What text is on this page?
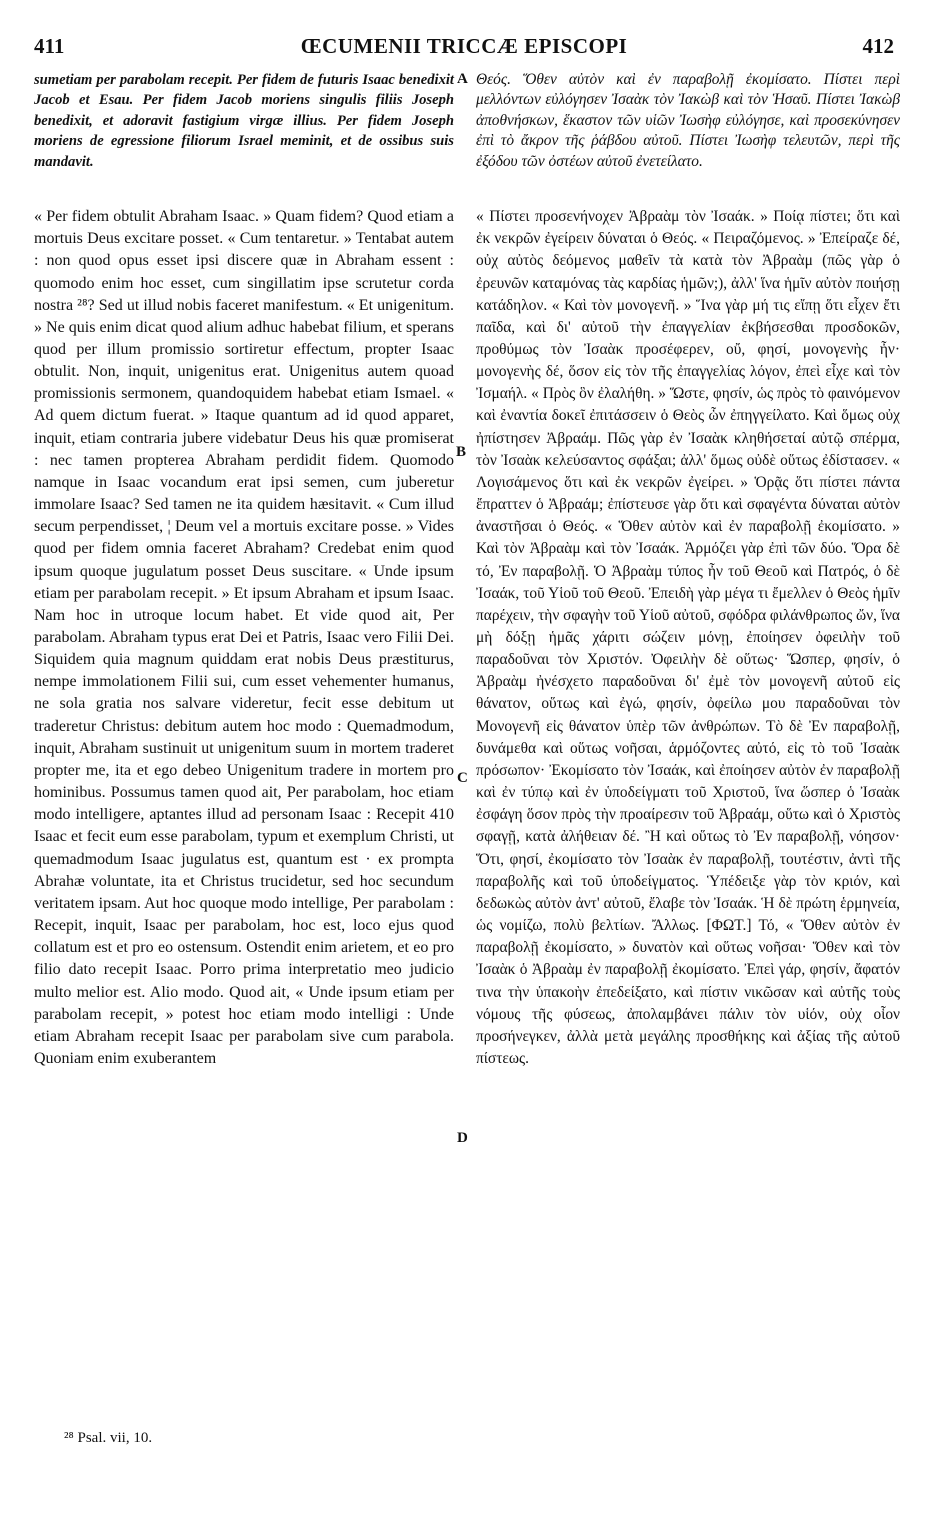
411	ŒCUMENII TRICCÆ EPISCOPI	412

sumetiam per parabolam recepit. Per fidem de futuris Isaac benedixit Jacob et Esau. Per fidem Jacob moriens singulis filiis Joseph benedixit, et adoravit fastigium virgæ illius. Per fidem Joseph moriens de egressione filiorum Israel meminit, et de ossibus suis mandavit.

« Per fidem obtulit Abraham Isaac. » Quam fidem? Quod etiam a mortuis Deus excitare posset. « Cum tentaretur. » Tentabat autem : non quod opus esset ipsi discere quæ in Abraham essent : quomodo enim hoc esset, cum singillatim ipse scrutetur corda nostra ²⁸? Sed ut illud nobis faceret manifestum. « Et unigenitum. » Ne quis enim dicat quod alium adhuc habebat filium, et sperans quod per illum promissio sortiretur effectum, propter Isaac obtulit. Non, inquit, unigenitus erat. Unigenitus autem quoad promissionis sermonem, quandoquidem habebat etiam Ismael. « Ad quem dictum fuerat. » Itaque quantum ad id quod apparet, inquit, etiam contraria jubere videbatur Deus his quæ promiserat : nec tamen propterea Abraham perdidit fidem. Quomodo namque in Isaac vocandum erat ipsi semen, cum juberetur immolare Isaac? Sed tamen ne ita quidem hæsitavit. « Cum illud secum perpendisset, ¦ Deum vel a mortuis excitare posse. » Vides quod per fidem omnia faceret Abraham? Credebat enim quod ipsum quoque jugulatum posset Deus suscitare. « Unde ipsum etiam per parabolam recepit. » Et ipsum Abraham et ipsum Isaac. Nam hoc in utroque locum habet. Et vide quod ait, Per parabolam. Abraham typus erat Dei et Patris, Isaac vero Filii Dei. Siquidem quia magnum quiddam erat nobis Deus præstiturus, nempe immolationem Filii sui, cum esset vehementer humanus, ne sola gratia nos salvare videretur, fecit esse debitum ut traderetur Christus: debitum autem hoc modo : Quemadmodum, inquit, Abraham sustinuit ut unigenitum suum in mortem traderet propter me, ita et ego debeo Unigenitum tradere in mortem pro hominibus. Possumus tamen quod ait, Per parabolam, hoc etiam modo intelligere, aptantes illud ad personam Isaac : Recepit 410 Isaac et fecit eum esse parabolam, typum et exemplum Christi, ut quemadmodum Isaac jugulatus est, quantum est · ex prompta Abrahæ voluntate, ita et Christus trucidetur, sed hoc secundum veritatem ipsam. Aut hoc quoque modo intellige, Per parabolam : Recepit, inquit, Isaac per parabolam, hoc est, loco ejus quod collatum est et pro eo ostensum. Ostendit enim arietem, et eo pro filio dato recepit Isaac. Porro prima interpretatio meo judicio multo melior est. Alio modo. Quod ait, « Unde ipsum etiam per parabolam recepit, » potest hoc etiam modo intelligi : Unde etiam Abraham recepit Isaac per parabolam sive cum parabola. Quoniam enim exuberantem

Θεός. Ὅθεν αὐτὸν καὶ ἐν παραβολῇ ἐκομίσατο. Πίστει περὶ μελλόντων εὐλόγησεν Ἰσαὰκ τὸν Ἰακὼβ καὶ τὸν Ἡσαῦ. Πίστει Ἰακὼβ ἀποθνήσκων, ἕκαστον τῶν υἱῶν Ἰωσὴφ εὐλόγησε, καὶ προσεκύνησεν ἐπὶ τὸ ἄκρον τῆς ῥάβδου αὐτοῦ. Πίστει Ἰωσὴφ τελευτῶν, περὶ τῆς ἐξόδου τῶν ὀστέων αὐτοῦ ἐνετείλατο.

« Πίστει προσενήνοχεν Ἀβραὰμ τὸν Ἰσαάκ. » Ποίᾳ πίστει; ὅτι καὶ ἐκ νεκρῶν ἐγείρειν δύναται ὁ Θεός. « Πειραζόμενος. » Ἐπείραζε δέ, οὐχ αὐτὸς δεόμενος μαθεῖν τὰ κατὰ τὸν Ἀβραὰμ (πῶς γὰρ ὁ ἐρευνῶν καταμόνας τὰς καρδίας ἡμῶν;), ἀλλ' ἵνα ἡμῖν αὐτὸν ποιήσῃ κατάδηλον. « Καὶ τὸν μονογενῆ. » Ἵνα γὰρ μή τις εἴπῃ ὅτι εἶχεν ἔτι παῖδα, καὶ δι' αὐτοῦ τὴν ἐπαγγελίαν ἐκβήσεσθαι προσδοκῶν, προθύμως τὸν Ἰσαὰκ προσέφερεν, οὔ, φησί, μονογενὴς ἦν· μονογενὴς δέ, ὅσον εἰς τὸν τῆς ἐπαγγελίας λόγον, ἐπεὶ εἶχε καὶ τὸν Ἰσμαήλ. « Πρὸς ὃν ἐλαλήθη. » Ὥστε, φησίν, ὡς πρὸς τὸ φαινόμενον καὶ ἐναντία δοκεῖ ἐπιτάσσειν ὁ Θεὸς ὧν ἐπηγγείλατο. Καὶ ὅμως οὐχ ἠπίστησεν Ἀβραάμ. Πῶς γὰρ ἐν Ἰσαὰκ κληθήσεταί αὐτῷ σπέρμα, τὸν Ἰσαὰκ κελεύσαντος σφάξαι; ἀλλ' ὅμως οὐδὲ οὕτως ἐδίστασεν. « Λογισάμενος ὅτι καὶ ἐκ νεκρῶν ἐγείρει. » Ὁρᾷς ὅτι πίστει πάντα ἔπραττεν ὁ Ἀβραάμ; ἐπίστευσε γὰρ ὅτι καὶ σφαγέντα δύναται αὐτὸν ἀναστῆσαι ὁ Θεός. « Ὅθεν αὐτὸν καὶ ἐν παραβολῇ ἐκομίσατο. » Καὶ τὸν Ἀβραὰμ καὶ τὸν Ἰσαάκ. Ἁρμόζει γὰρ ἐπὶ τῶν δύο. Ὅρα δὲ τό, Ἐν παραβολῇ. Ὁ Ἀβραὰμ τύπος ἦν τοῦ Θεοῦ καὶ Πατρός, ὁ δὲ Ἰσαάκ, τοῦ Υἱοῦ τοῦ Θεοῦ. Ἐπειδὴ γὰρ μέγα τι ἔμελλεν ὁ Θεὸς ἡμῖν παρέχειν, τὴν σφαγὴν τοῦ Υἱοῦ αὐτοῦ, σφόδρα φιλάνθρωπος ὤν, ἵνα μὴ δόξῃ ἡμᾶς χάριτι σώζειν μόνῃ, ἐποίησεν ὀφειλὴν τοῦ παραδοῦναι τὸν Χριστόν. Ὀφειλὴν δὲ οὕτως· Ὥσπερ, φησίν, ὁ Ἀβραὰμ ἠνέσχετο παραδοῦναι δι' ἐμὲ τὸν μονογενῆ αὐτοῦ εἰς θάνατον, οὕτως καὶ ἐγώ, φησίν, ὀφείλω μου παραδοῦναι τὸν Μονογενῆ εἰς θάνατον ὑπὲρ τῶν ἀνθρώπων. Τὸ δὲ Ἐν παραβολῇ, δυνάμεθα καὶ οὕτως νοῆσαι, ἁρμόζοντες αὐτό, εἰς τὸ τοῦ Ἰσαὰκ πρόσωπον· Ἐκομίσατο τὸν Ἰσαάκ, καὶ ἐποίησεν αὐτὸν ἐν παραβολῇ καὶ ἐν τύπῳ καὶ ἐν ὑποδείγματι τοῦ Χριστοῦ, ἵνα ὥσπερ ὁ Ἰσαὰκ ἐσφάγη ὅσον πρὸς τὴν προαίρεσιν τοῦ Ἀβραάμ, οὕτω καὶ ὁ Χριστὸς σφαγῇ, κατὰ ἀλήθειαν δέ. Ἢ καὶ οὕτως τὸ Ἐν παραβολῇ, νόησον· Ὅτι, φησί, ἐκομίσατο τὸν Ἰσαὰκ ἐν παραβολῇ, τουτέστιν, ἀντὶ τῆς παραβολῆς καὶ τοῦ ὑποδείγματος. Ὑπέδειξε γὰρ τὸν κριόν, καὶ δεδωκὼς αὐτὸν ἀντ' αὐτοῦ, ἔλαβε τὸν Ἰσαάκ. Ἡ δὲ πρώτη ἑρμηνεία, ὡς νομίζω, πολὺ βελτίων. Ἄλλως. [ΦΩΤ.] Τό, « Ὅθεν αὐτὸν ἐν παραβολῇ ἐκομίσατο, » δυνατὸν καὶ οὕτως νοῆσαι· Ὅθεν καὶ τὸν Ἰσαὰκ ὁ Ἀβραὰμ ἐν παραβολῇ ἐκομίσατο. Ἐπεὶ γάρ, φησίν, ἄφατόν τινα τὴν ὑπακοὴν ἐπεδείξατο, καὶ πίστιν νικῶσαν καὶ αὐτῆς τοὺς νόμους τῆς φύσεως, ἀπολαμβάνει πάλιν τὸν υἱόν, οὐχ οἷον προσήνεγκεν, ἀλλὰ μετὰ μεγάλης προσθήκης καὶ ἀξίας τῆς αὐτοῦ πίστεως.

A
B
C
D
²⁸ Psal. vii, 10.
